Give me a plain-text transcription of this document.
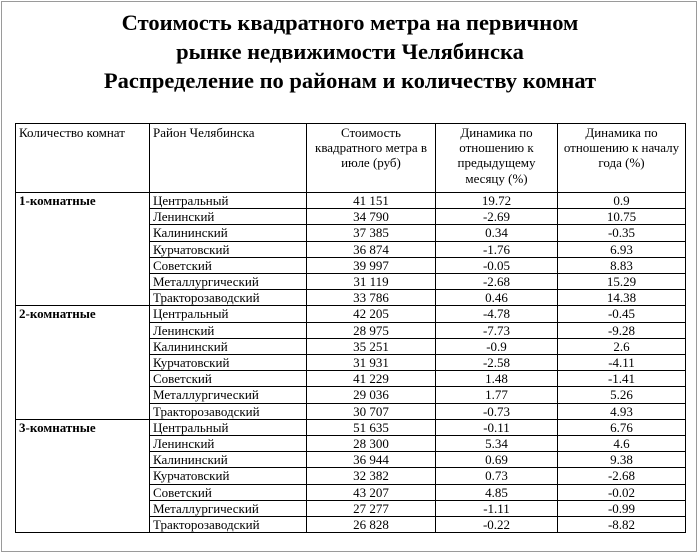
Стоимость квадратного метра на первичном
рынке недвижимости Челябинска
Распределение по районам и количеству комнат
Количество комнат	Район Челябинска	Стоимость квадратного метра в июле (руб)	Динамика по отношению к предыдущему месяцу (%)	Динамика по отношению к началу года (%)
1-комнатные	Центральный	41 151	19.72	0.9
	Ленинский	34 790	-2.69	10.75
	Калининский	37 385	0.34	-0.35
	Курчатовский	36 874	-1.76	6.93
	Советский	39 997	-0.05	8.83
	Металлургический	31 119	-2.68	15.29
	Тракторозаводский	33 786	0.46	14.38
2-комнатные	Центральный	42 205	-4.78	-0.45
	Ленинский	28 975	-7.73	-9.28
	Калининский	35 251	-0.9	2.6
	Курчатовский	31 931	-2.58	-4.11
	Советский	41 229	1.48	-1.41
	Металлургический	29 036	1.77	5.26
	Тракторозаводский	30 707	-0.73	4.93
3-комнатные	Центральный	51 635	-0.11	6.76
	Ленинский	28 300	5.34	4.6
	Калининский	36 944	0.69	9.38
	Курчатовский	32 382	0.73	-2.68
	Советский	43 207	4.85	-0.02
	Металлургический	27 277	-1.11	-0.99
	Тракторозаводский	26 828	-0.22	-8.82
